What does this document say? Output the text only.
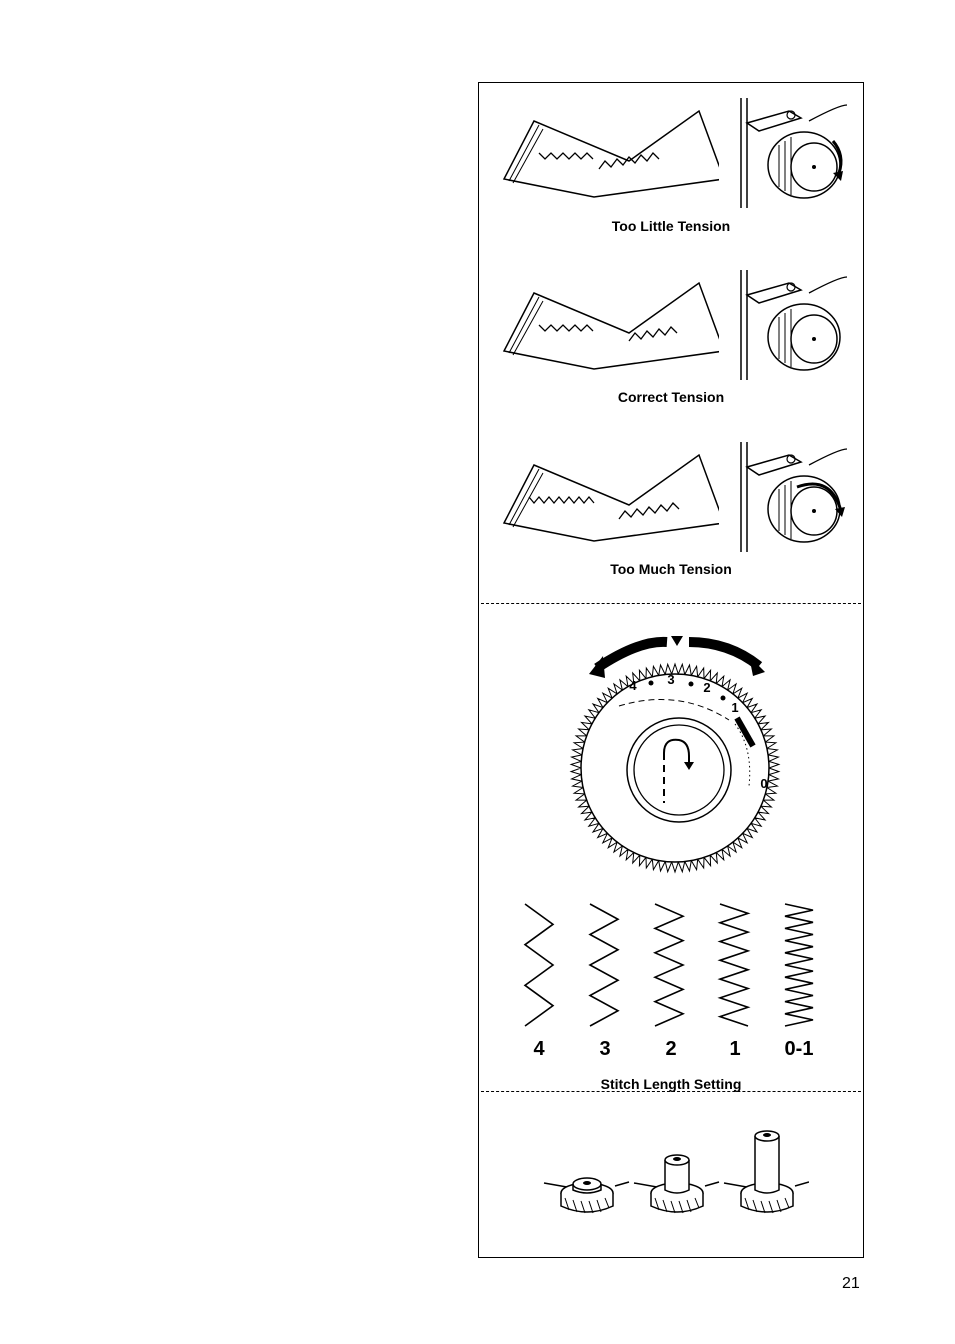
Too Little Tension
Correct Tension
Too Much Tension
4 3
2
1
0
4	3	2	1	0-1
Stitch Length Setting
21
